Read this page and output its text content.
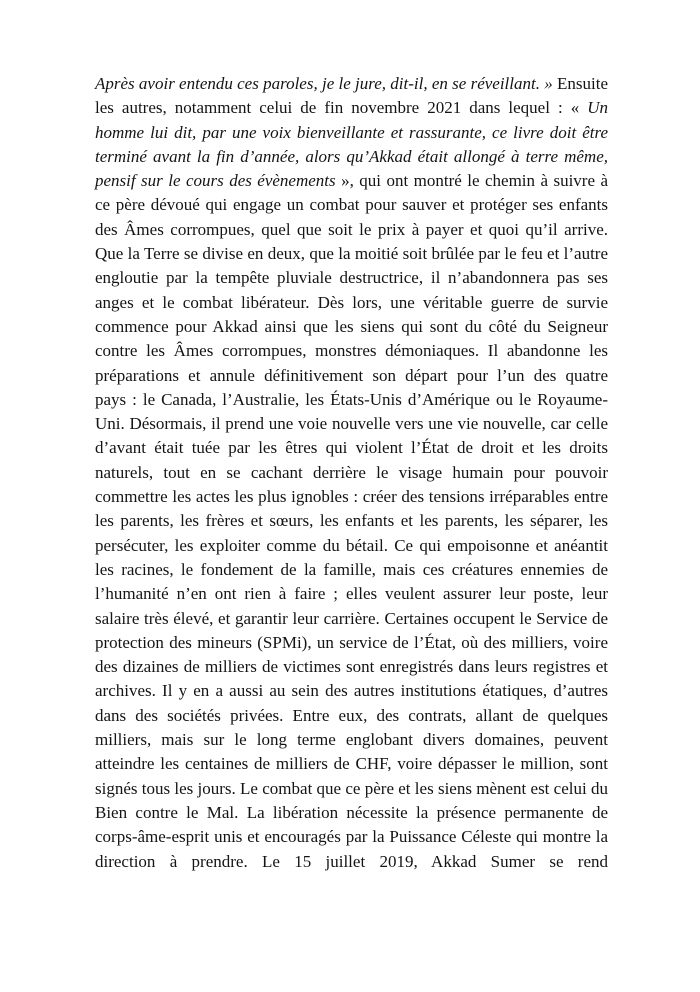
Après avoir entendu ces paroles, je le jure, dit-il, en se réveillant. » Ensuite les autres, notamment celui de fin novembre 2021 dans lequel : « Un homme lui dit, par une voix bienveillante et rassurante, ce livre doit être terminé avant la fin d’année, alors qu’Akkad était allongé à terre même, pensif sur le cours des évènements », qui ont montré le chemin à suivre à ce père dévoué qui engage un combat pour sauver et protéger ses enfants des Âmes corrompues, quel que soit le prix à payer et quoi qu’il arrive. Que la Terre se divise en deux, que la moitié soit brûlée par le feu et l’autre engloutie par la tempête pluviale destructrice, il n’abandonnera pas ses anges et le combat libérateur. Dès lors, une véritable guerre de survie commence pour Akkad ainsi que les siens qui sont du côté du Seigneur contre les Âmes corrompues, monstres démoniaques. Il abandonne les préparations et annule définitivement son départ pour l’un des quatre pays : le Canada, l’Australie, les États-Unis d’Amérique ou le Royaume-Uni. Désormais, il prend une voie nouvelle vers une vie nouvelle, car celle d’avant était tuée par les êtres qui violent l’État de droit et les droits naturels, tout en se cachant derrière le visage humain pour pouvoir commettre les actes les plus ignobles : créer des tensions irréparables entre les parents, les frères et sœurs, les enfants et les parents, les séparer, les persécuter, les exploiter comme du bétail. Ce qui empoisonne et anéantit les racines, le fondement de la famille, mais ces créatures ennemies de l’humanité n’en ont rien à faire ; elles veulent assurer leur poste, leur salaire très élevé, et garantir leur carrière. Certaines occupent le Service de protection des mineurs (SPMi), un service de l’État, où des milliers, voire des dizaines de milliers de victimes sont enregistrés dans leurs registres et archives. Il y en a aussi au sein des autres institutions étatiques, d’autres dans des sociétés privées. Entre eux, des contrats, allant de quelques milliers, mais sur le long terme englobant divers domaines, peuvent atteindre les centaines de milliers de CHF, voire dépasser le million, sont signés tous les jours. Le combat que ce père et les siens mènent est celui du Bien contre le Mal. La libération nécessite la présence permanente de corps-âme-esprit unis et encouragés par la Puissance Céleste qui montre la direction à prendre. Le 15 juillet 2019, Akkad Sumer se rend
